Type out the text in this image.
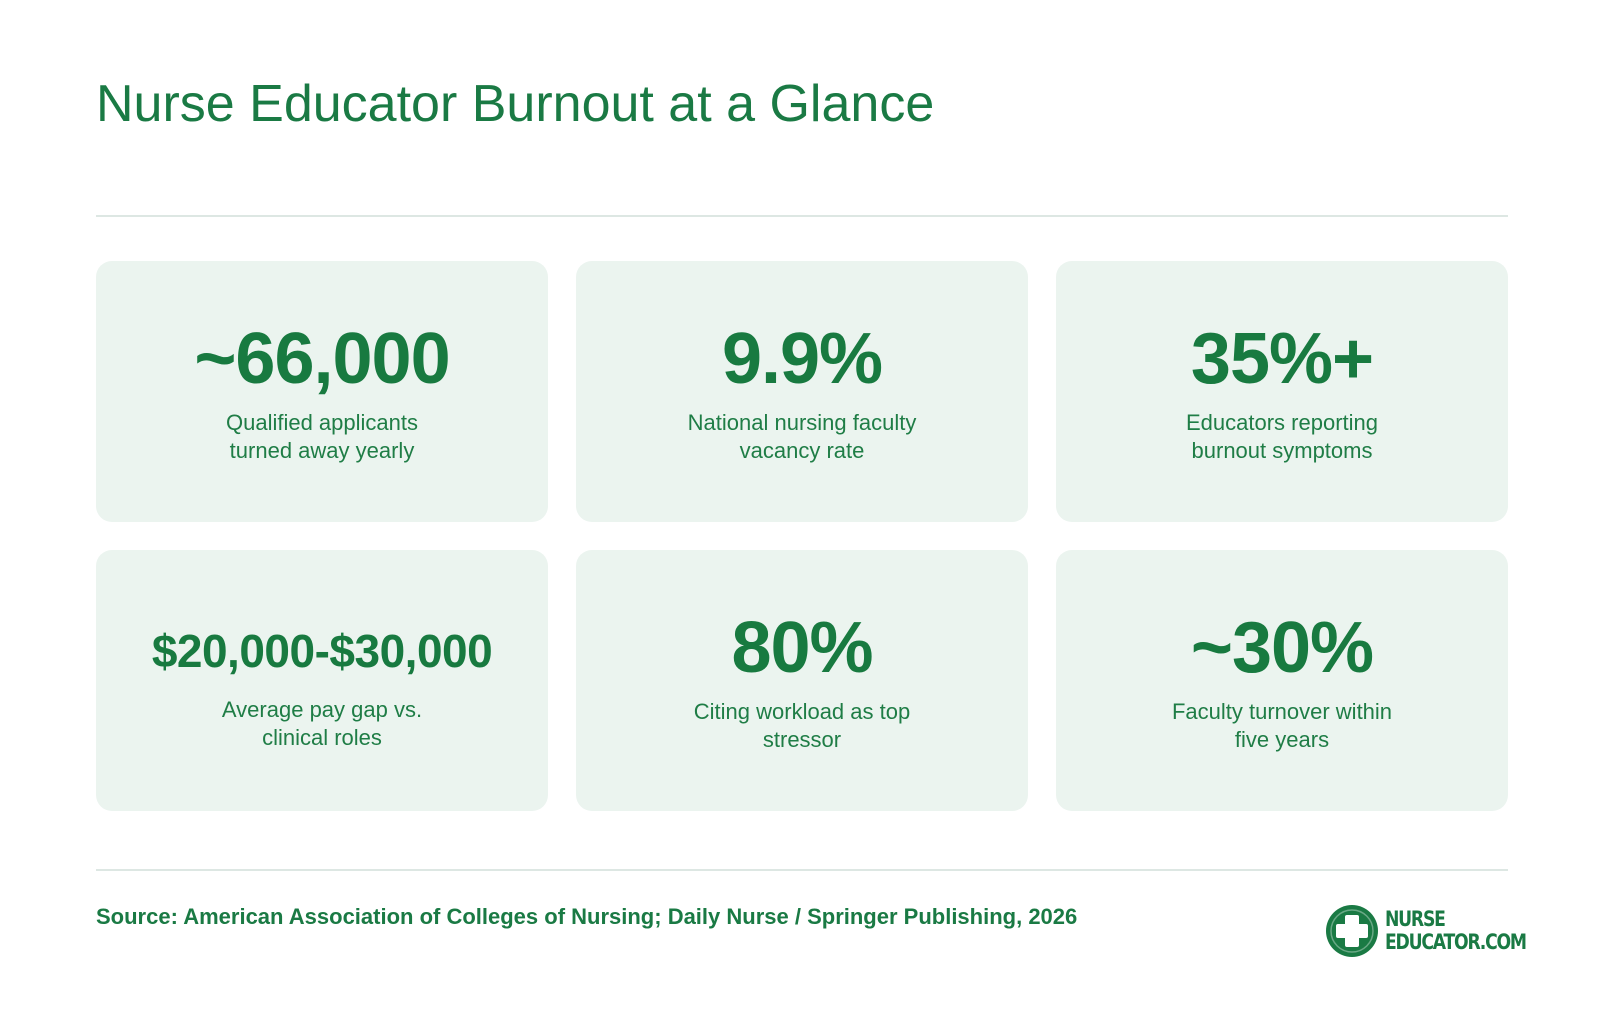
Nurse Educator Burnout at a Glance
~66,000
Qualified applicants turned away yearly
9.9%
National nursing faculty vacancy rate
35%+
Educators reporting burnout symptoms
$20,000-$30,000
Average pay gap vs. clinical roles
80%
Citing workload as top stressor
~30%
Faculty turnover within five years
Source: American Association of Colleges of Nursing; Daily Nurse / Springer Publishing, 2026	NURSE
EDUCATOR.COM
